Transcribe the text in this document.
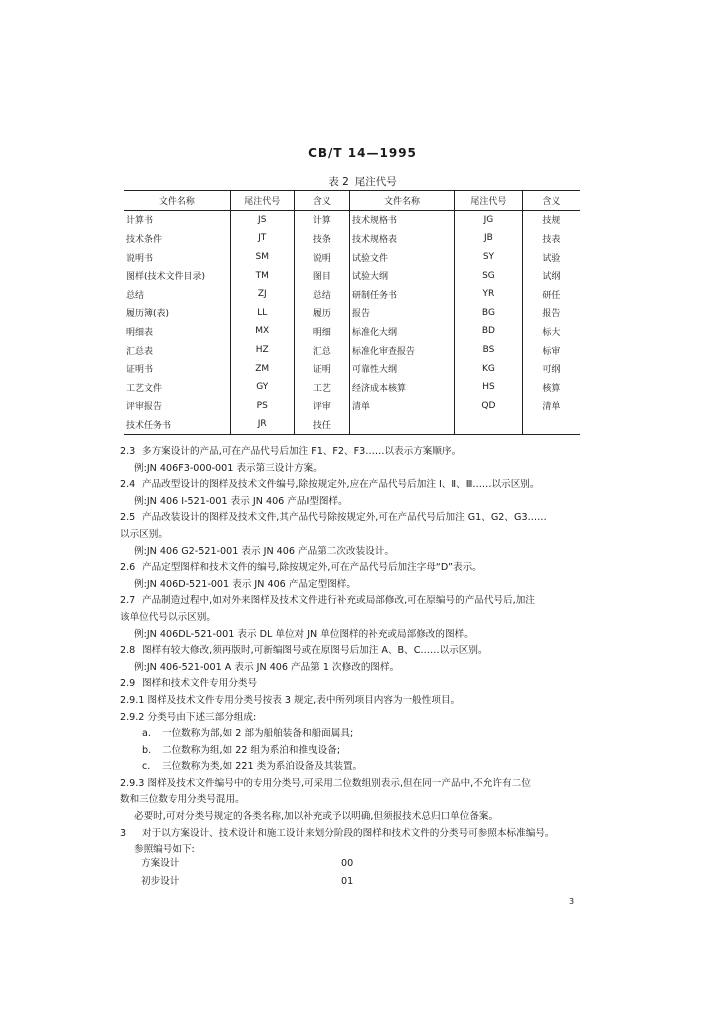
CB/T 14—1995
表 2 尾注代号
文件名称	尾注代号	含义	文件名称	尾注代号	含义
计算书	JS	计算	技术规格书	JG	技规
技术条件	JT	技条	技术规格表	JB	技表
说明书	SM	说明	试验文件	SY	试验
图样(技术文件目录)	TM	图目	试验大纲	SG	试纲
总结	ZJ	总结	研制任务书	YR	研任
履历簿(表)	LL	履历	报告	BG	报告
明细表	MX	明细	标准化大纲	BD	标大
汇总表	HZ	汇总	标准化审查报告	BS	标审
证明书	ZM	证明	可靠性大纲	KG	可纲
工艺文件	GY	工艺	经济成本核算	HS	核算
评审报告	PS	评审	清单	QD	清单
技术任务书	JR	技任			

2.3 多方案设计的产品,可在产品代号后加注 F1、F2、F3……以表示方案顺序。

例:JN 406F3-000-001 表示第三设计方案。

2.4 产品改型设计的图样及技术文件编号,除按规定外,应在产品代号后加注 Ⅰ、Ⅱ、Ⅲ……以示区别。

例:JN 406 Ⅰ-521-001 表示 JN 406 产品Ⅰ型图样。

2.5 产品改装设计的图样及技术文件,其产品代号除按规定外,可在产品代号后加注 G1、G2、G3……

以示区别。

例:JN 406 G2-521-001 表示 JN 406 产品第二次改装设计。

2.6 产品定型图样和技术文件的编号,除按规定外,可在产品代号后加注字母“D”表示。

例:JN 406D-521-001 表示 JN 406 产品定型图样。

2.7 产品制造过程中,如对外来图样及技术文件进行补充或局部修改,可在原编号的产品代号后,加注

该单位代号以示区别。

例:JN 406DL-521-001 表示 DL 单位对 JN 单位图样的补充或局部修改的图样。

2.8 图样有较大修改,须再版时,可新编图号或在原图号后加注 A、B、C……以示区别。

例:JN 406-521-001 A 表示 JN 406 产品第 1 次修改的图样。

2.9 图样和技术文件专用分类号

2.9.1 图样及技术文件专用分类号按表 3 规定,表中所列项目内容为一般性项目。

2.9.2 分类号由下述三部分组成:

a. 一位数称为部,如 2 部为船舶装备和船面属具;

b. 二位数称为组,如 22 组为系泊和推曳设备;

c. 三位数称为类,如 221 类为系泊设备及其装置。

2.9.3 图样及技术文件编号中的专用分类号,可采用二位数组别表示,但在同一产品中,不允许有二位

数和三位数专用分类号混用。

必要时,可对分类号规定的各类名称,加以补充或予以明确,但须报技术总归口单位备案。

3 对于以方案设计、技术设计和施工设计来划分阶段的图样和技术文件的分类号可参照本标准编号。

参照编号如下:

方案设计	00
初步设计	01
3
